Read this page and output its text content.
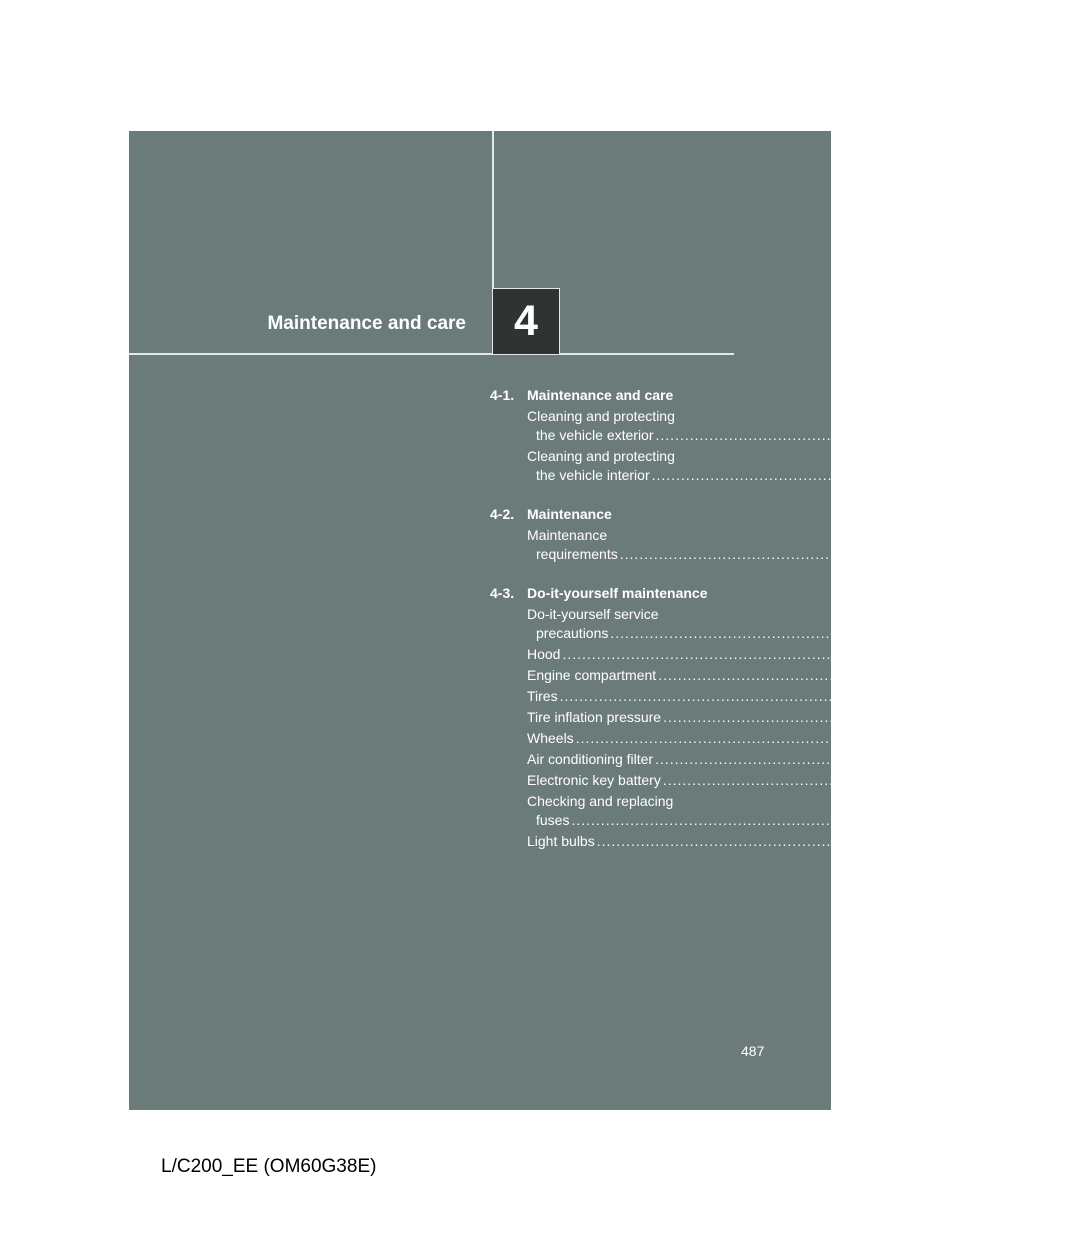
Maintenance and care 4
4-1. Maintenance and care
Cleaning and protecting
the vehicle exterior ................................................................................ 488
Cleaning and protecting
the vehicle interior ................................................................................ 491
4-2. Maintenance
Maintenance
requirements ................................................................................ 494
4-3. Do-it-yourself maintenance
Do-it-yourself service
precautions ................................................................................ 497
Hood ................................................................................ 501
Engine compartment ................................................................................ 502
Tires ................................................................................ 518
Tire inflation pressure ................................................................................ 521
Wheels ................................................................................ 523
Air conditioning filter ................................................................................ 525
Electronic key battery ................................................................................ 528
Checking and replacing
fuses ................................................................................ 531
Light bulbs ................................................................................ 546
487
L/C200_EE (OM60G38E)
